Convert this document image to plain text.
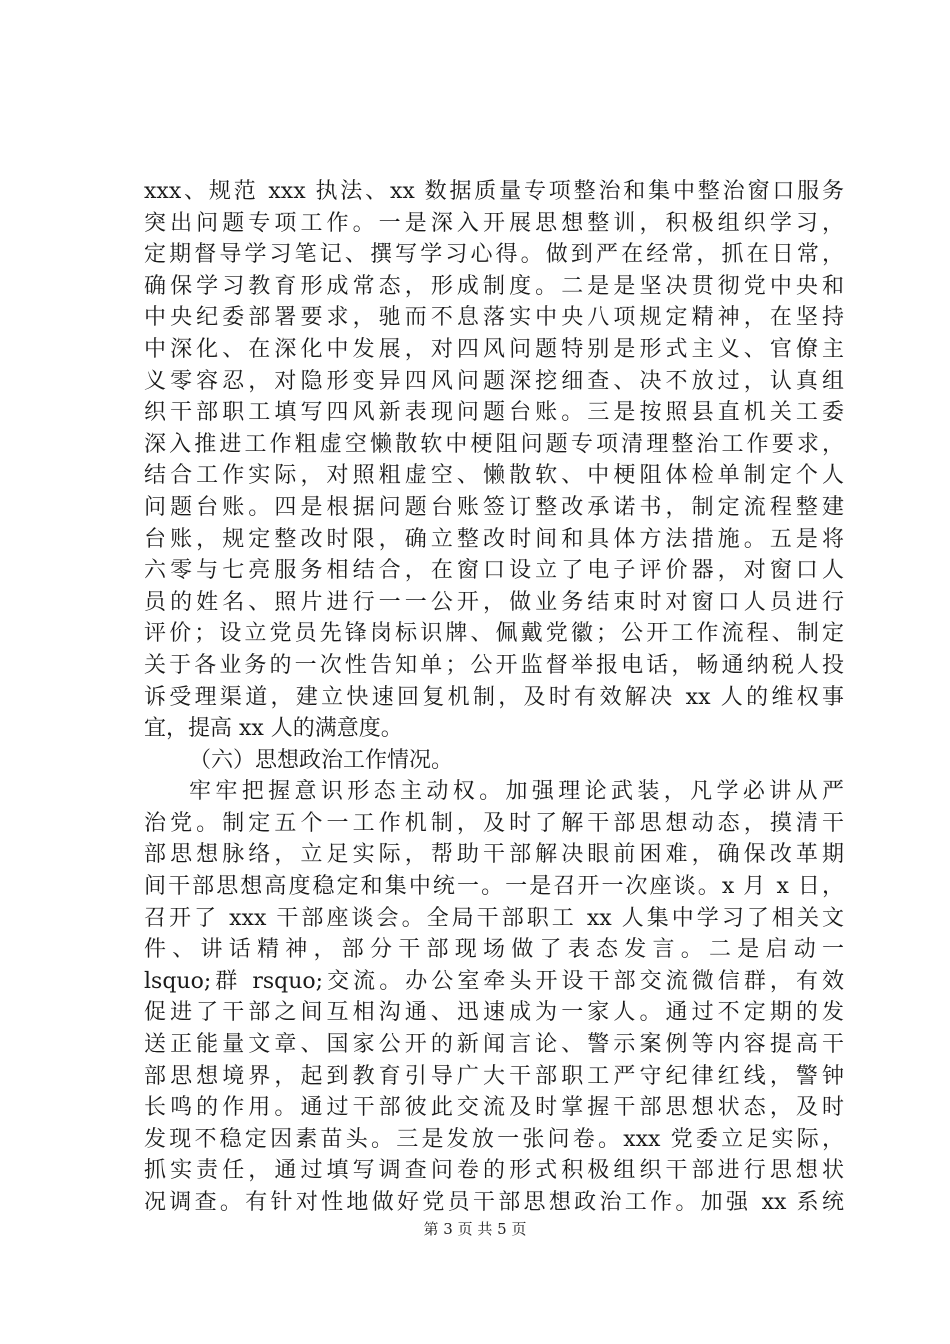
xxx、规范 xxx 执法、xx 数据质量专项整治和集中整治窗口服务
突出问题专项工作。一是深入开展思想整训，积极组织学习，
定期督导学习笔记、撰写学习心得。做到严在经常，抓在日常，
确保学习教育形成常态，形成制度。二是是坚决贯彻党中央和
中央纪委部署要求，驰而不息落实中央八项规定精神，在坚持
中深化、在深化中发展，对四风问题特别是形式主义、官僚主
义零容忍，对隐形变异四风问题深挖细查、决不放过，认真组
织干部职工填写四风新表现问题台账。三是按照县直机关工委
深入推进工作粗虚空懒散软中梗阻问题专项清理整治工作要求，
结合工作实际，对照粗虚空、懒散软、中梗阻体检单制定个人
问题台账。四是根据问题台账签订整改承诺书，制定流程整建
台账，规定整改时限，确立整改时间和具体方法措施。五是将
六零与七亮服务相结合，在窗口设立了电子评价器，对窗口人
员的姓名、照片进行一一公开，做业务结束时对窗口人员进行
评价；设立党员先锋岗标识牌、佩戴党徽；公开工作流程、制定
关于各业务的一次性告知单；公开监督举报电话，畅通纳税人投
诉受理渠道，建立快速回复机制，及时有效解决 xx 人的维权事
宜，提高 xx 人的满意度。
（六）思想政治工作情况。
牢牢把握意识形态主动权。加强理论武装，凡学必讲从严
治党。制定五个一工作机制，及时了解干部思想动态，摸清干
部思想脉络，立足实际，帮助干部解决眼前困难，确保改革期
间干部思想高度稳定和集中统一。一是召开一次座谈。x 月 x 日，
召开了 xxx 干部座谈会。全局干部职工 xx 人集中学习了相关文
件、讲话精神，部分干部现场做了表态发言。二是启动一
lsquo;群 rsquo;交流。办公室牵头开设干部交流微信群，有效
促进了干部之间互相沟通、迅速成为一家人。通过不定期的发
送正能量文章、国家公开的新闻言论、警示案例等内容提高干
部思想境界，起到教育引导广大干部职工严守纪律红线，警钟
长鸣的作用。通过干部彼此交流及时掌握干部思想状态，及时
发现不稳定因素苗头。三是发放一张问卷。xxx 党委立足实际，
抓实责任，通过填写调查问卷的形式积极组织干部进行思想状
况调查。有针对性地做好党员干部思想政治工作。加强 xx 系统
第 3 页 共 5 页
